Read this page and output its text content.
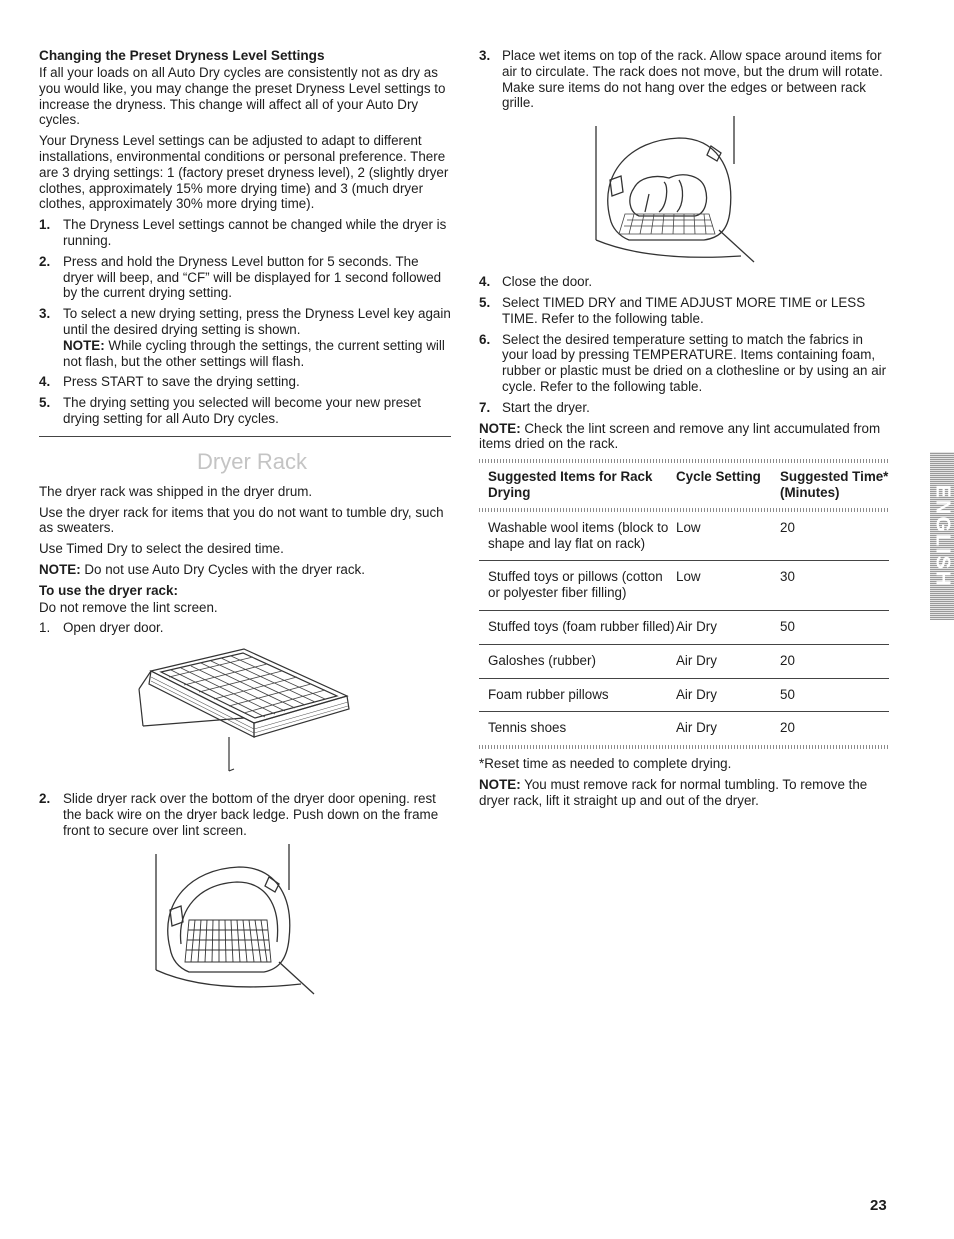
Changing the Preset Dryness Level Settings

If all your loads on all Auto Dry cycles are consistently not as dry as you would like, you may change the preset Dryness Level settings to increase the dryness. This change will affect all of your Auto Dry cycles.

Your Dryness Level settings can be adjusted to adapt to different installations, environmental conditions or personal preference. There are 3 drying settings: 1 (factory preset dryness level), 2 (slightly dryer clothes, approximately 15% more drying time) and 3 (much dryer clothes, approximately 30% more drying time).

1. The Dryness Level settings cannot be changed while the dryer is running.
2. Press and hold the Dryness Level button for 5 seconds. The dryer will beep, and “CF” will be displayed for 1 second followed by the current drying setting.
3. To select a new drying setting, press the Dryness Level key again until the desired drying setting is shown.
NOTE: While cycling through the settings, the current setting will not flash, but the other settings will flash.
4. Press START to save the drying setting.
5. The drying setting you selected will become your new preset drying setting for all Auto Dry cycles.
Dryer Rack

The dryer rack was shipped in the dryer drum.

Use the dryer rack for items that you do not want to tumble dry, such as sweaters.

Use Timed Dry to select the desired time.

NOTE: Do not use Auto Dry Cycles with the dryer rack.

To use the dryer rack:

Do not remove the lint screen.

1. Open dryer door.
2. Slide dryer rack over the bottom of the dryer door opening. rest the back wire on the dryer back ledge. Push down on the frame front to secure over lint screen.
3. Place wet items on top of the rack. Allow space around items for air to circulate. The rack does not move, but the drum will rotate. Make sure items do not hang over the edges or between rack grille.
4. Close the door.
5. Select TIMED DRY and TIME ADJUST MORE TIME or LESS TIME. Refer to the following table.
6. Select the desired temperature setting to match the fabrics in your load by pressing TEMPERATURE. Items containing foam, rubber or plastic must be dried on a clothesline or by using an air cycle. Refer to the following table.
7. Start the dryer.

NOTE: Check the lint screen and remove any lint accumulated from items dried on the rack.

Suggested Items for Rack Drying	Cycle Setting	Suggested Time* (Minutes)

Washable wool items (block to shape and lay flat on rack)	Low	20
Stuffed toys or pillows (cotton or polyester fiber filling)	Low	30
Stuffed toys (foam rubber filled)	Air Dry	50
Galoshes (rubber)	Air Dry	20
Foam rubber pillows	Air Dry	50
Tennis shoes	Air Dry	20

*Reset time as needed to complete drying.

NOTE: You must remove rack for normal tumbling. To remove the dryer rack, lift it straight up and out of the dryer.

ENGLISH
23
